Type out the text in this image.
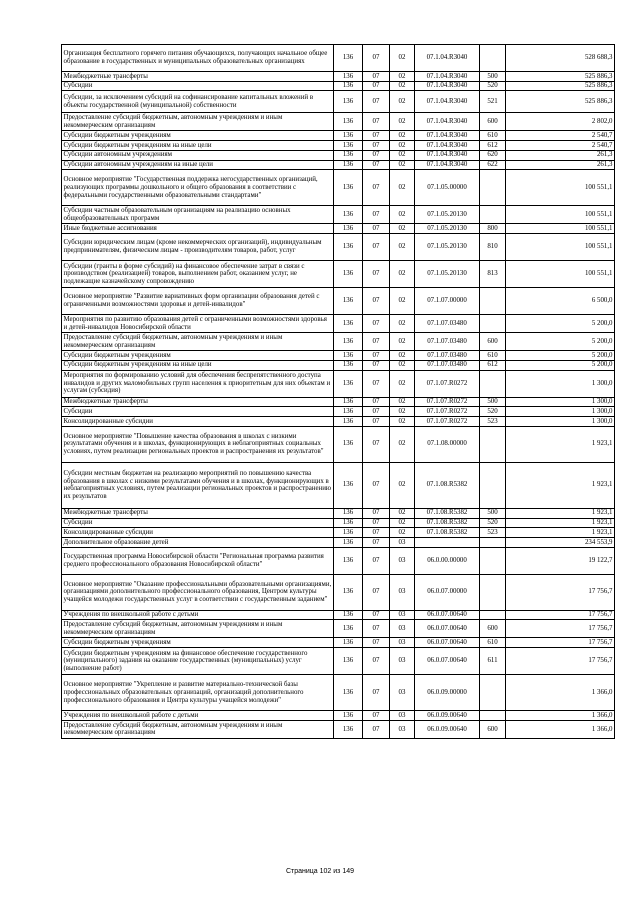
Организация бесплатного горячего питания обучающихся, получающих начальное общее образование в государственных и муниципальных образовательных организациях	136	07	02	07.1.04.R3040		528 688,3
Межбюджетные трансферты	136	07	02	07.1.04.R3040	500	525 886,3
Субсидии	136	07	02	07.1.04.R3040	520	525 886,3
Субсидии, за исключением субсидий на софинансирование капитальных вложений в объекты государственной (муниципальной) собственности	136	07	02	07.1.04.R3040	521	525 886,3
Предоставление субсидий бюджетным, автономным учреждениям и иным некоммерческим организациям	136	07	02	07.1.04.R3040	600	2 802,0
Субсидии бюджетным учреждениям	136	07	02	07.1.04.R3040	610	2 540,7
Субсидии бюджетным учреждениям на иные цели	136	07	02	07.1.04.R3040	612	2 540,7
Субсидии автономным учреждениям	136	07	02	07.1.04.R3040	620	261,3
Субсидии автономным учреждениям на иные цели	136	07	02	07.1.04.R3040	622	261,3
Основное мероприятие "Государственная поддержка негосударственных организаций, реализующих программы дошкольного и общего образования в соответствии с федеральными государственными образовательными стандартами"	136	07	02	07.1.05.00000		100 551,1
Субсидии частным образовательным организациям на реализацию основных общеобразовательных программ	136	07	02	07.1.05.20130		100 551,1
Иные бюджетные ассигнования	136	07	02	07.1.05.20130	800	100 551,1
Субсидии юридическим лицам (кроме некоммерческих организаций), индивидуальным предпринимателям, физическим лицам - производителям товаров, работ, услуг	136	07	02	07.1.05.20130	810	100 551,1
Субсидии (гранты в форме субсидий) на финансовое обеспечение затрат в связи с производством (реализацией) товаров, выполнением работ, оказанием услуг, не подлежащие казначейскому сопровождению	136	07	02	07.1.05.20130	813	100 551,1
Основное мероприятие "Развитие вариативных форм организации образования детей с ограниченными возможностями здоровья и детей-инвалидов"	136	07	02	07.1.07.00000		6 500,0
Мероприятия по развитию образования детей с ограниченными возможностями здоровья и детей-инвалидов Новосибирской области	136	07	02	07.1.07.03480		5 200,0
Предоставление субсидий бюджетным, автономным учреждениям и иным некоммерческим организациям	136	07	02	07.1.07.03480	600	5 200,0
Субсидии бюджетным учреждениям	136	07	02	07.1.07.03480	610	5 200,0
Субсидии бюджетным учреждениям на иные цели	136	07	02	07.1.07.03480	612	5 200,0
Мероприятия по формированию условий для обеспечения беспрепятственного доступа инвалидов и других маломобильных групп населения к приоритетным для них объектам и услугам (субсидия)	136	07	02	07.1.07.R0272		1 300,0
Межбюджетные трансферты	136	07	02	07.1.07.R0272	500	1 300,0
Субсидии	136	07	02	07.1.07.R0272	520	1 300,0
Консолидированные субсидии	136	07	02	07.1.07.R0272	523	1 300,0
Основное мероприятие "Повышение качества образования в школах с низкими результатами обучения и в школах, функционирующих в неблагоприятных социальных условиях, путем реализации региональных проектов и распространения их результатов"	136	07	02	07.1.08.00000		1 923,1
Субсидии местным бюджетам на реализацию мероприятий по повышению качества образования в школах с низкими результатами обучения и в школах, функционирующих в неблагоприятных условиях, путем реализации региональных проектов и распространению их результатов	136	07	02	07.1.08.R5382		1 923,1
Межбюджетные трансферты	136	07	02	07.1.08.R5382	500	1 923,1
Субсидии	136	07	02	07.1.08.R5382	520	1 923,1
Консолидированные субсидии	136	07	02	07.1.08.R5382	523	1 923,1
Дополнительное образование детей	136	07	03			234 553,9
Государственная программа Новосибирской области "Региональная программа развития среднего профессионального образования Новосибирской области"	136	07	03	06.0.00.00000		19 122,7
Основное мероприятие "Оказание профессиональными образовательными организациями, организациями дополнительного профессионального образования, Центром культуры учащейся молодежи государственных услуг в соответствии с государственным заданием"	136	07	03	06.0.07.00000		17 756,7
Учреждения по внешкольной работе с детьми	136	07	03	06.0.07.00640		17 756,7
Предоставление субсидий бюджетным, автономным учреждениям и иным некоммерческим организациям	136	07	03	06.0.07.00640	600	17 756,7
Субсидии бюджетным учреждениям	136	07	03	06.0.07.00640	610	17 756,7
Субсидии бюджетным учреждениям на финансовое обеспечение государственного (муниципального) задания на оказание государственных (муниципальных) услуг (выполнение работ)	136	07	03	06.0.07.00640	611	17 756,7
Основное мероприятие "Укрепление и развитие материально-технической базы профессиональных образовательных организаций, организаций дополнительного профессионального образования и Центра культуры учащейся молодежи"	136	07	03	06.0.09.00000		1 366,0
Учреждения по внешкольной работе с детьми	136	07	03	06.0.09.00640		1 366,0
Предоставление субсидий бюджетным, автономным учреждениям и иным некоммерческим организациям	136	07	03	06.0.09.00640	600	1 366,0
Страница 102 из 149
